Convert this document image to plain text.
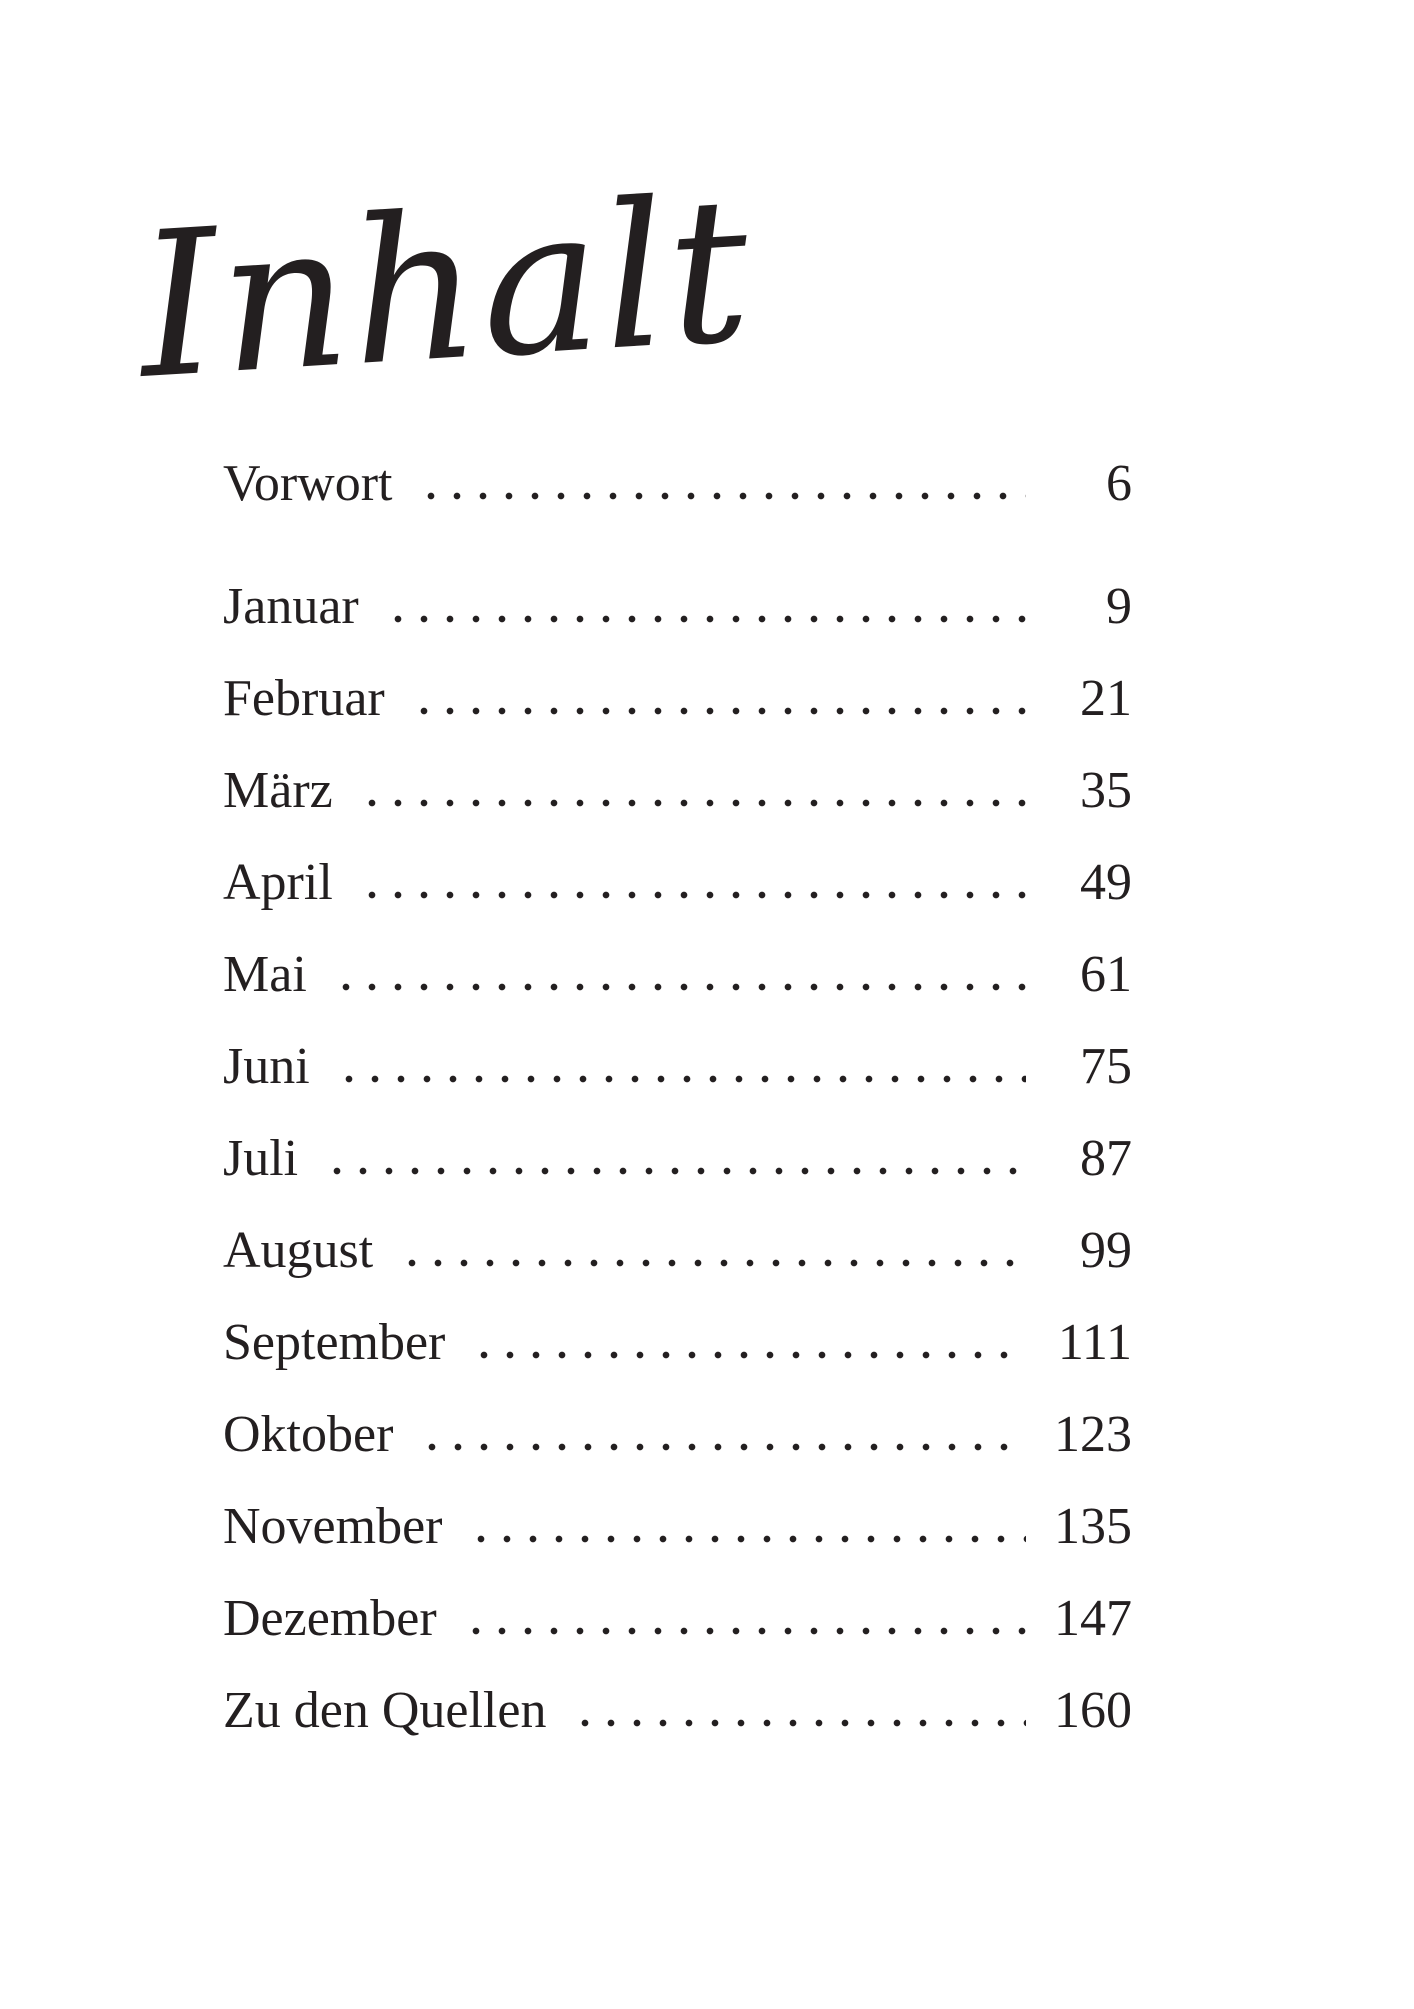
Inhalt
Vorwort	6
Januar	9
Februar	21
März	35
April	49
Mai	61
Juni	75
Juli	87
August	99
September	111
Oktober	123
November	135
Dezember	147
Zu den Quellen	160
